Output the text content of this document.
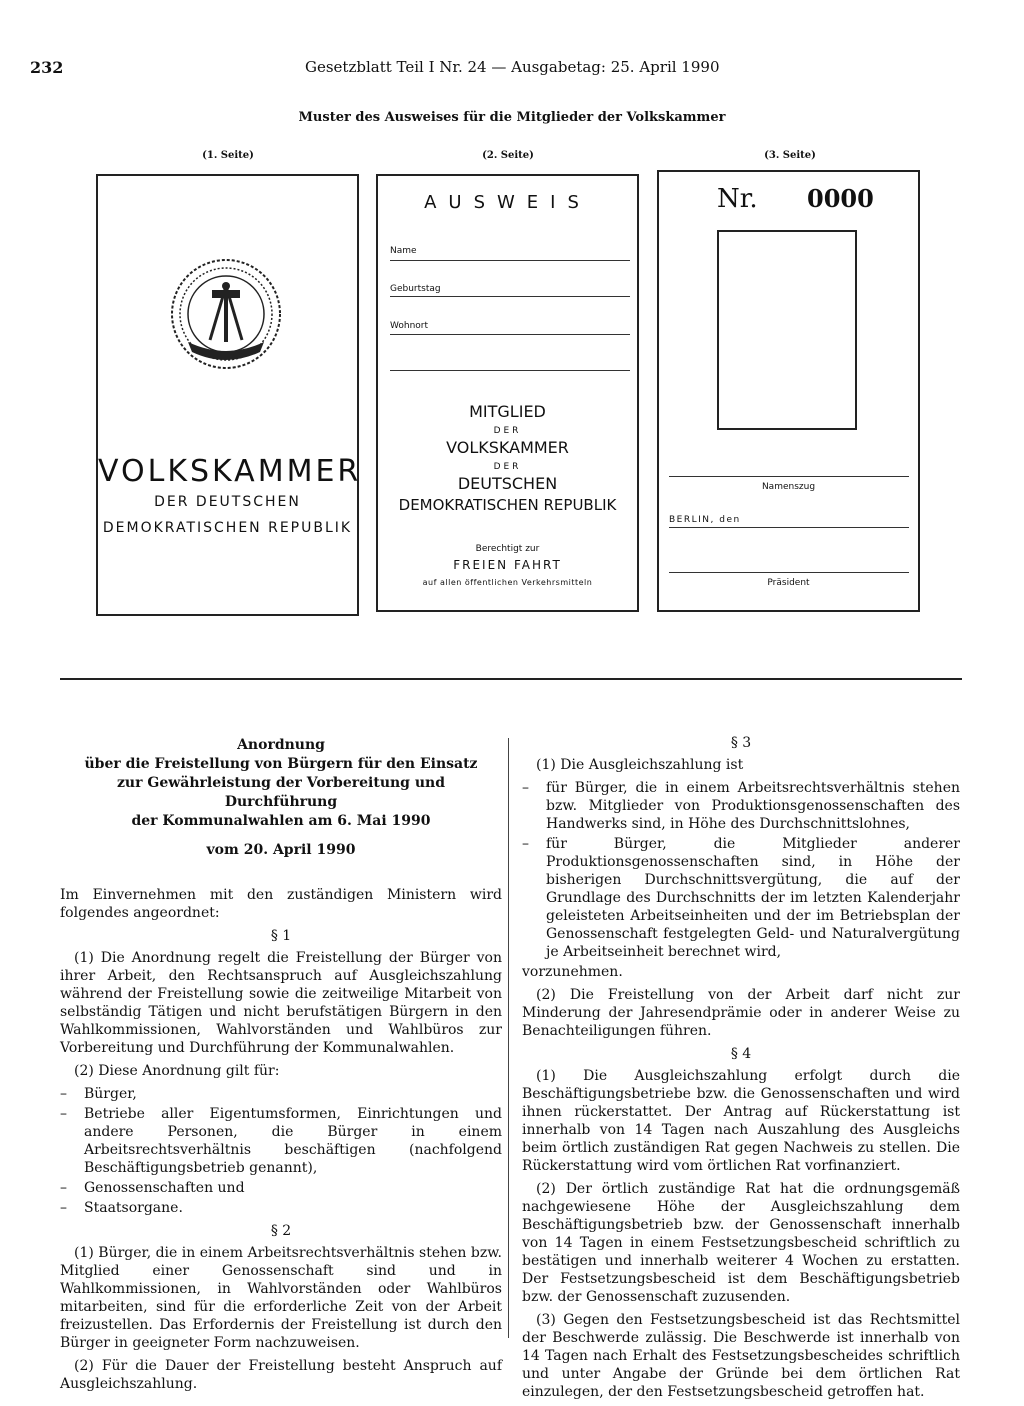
232	Gesetzblatt Teil I Nr. 24 — Ausgabetag: 25. April 1990
Muster des Ausweises für die Mitglieder der Volkskammer
(1. Seite)	(2. Seite)	(3. Seite)
VOLKSKAMMER
DER DEUTSCHEN
DEMOKRATISCHEN REPUBLIK
AUSWEIS
Name
Geburtstag
Wohnort
MITGLIED
DER
VOLKSKAMMER
DER
DEUTSCHEN
DEMOKRATISCHEN REPUBLIK
Berechtigt zur
FREIEN FAHRT
auf allen öffentlichen Verkehrsmitteln
Nr. 0000
Namenszug
BERLIN, den
Präsident
Anordnung
über die Freistellung von Bürgern für den Einsatz
zur Gewährleistung der Vorbereitung und Durchführung
der Kommunalwahlen am 6. Mai 1990
vom 20. April 1990

Im Einvernehmen mit den zuständigen Ministern wird folgendes angeordnet:

§ 1

(1) Die Anordnung regelt die Freistellung der Bürger von ihrer Arbeit, den Rechtsanspruch auf Ausgleichszahlung während der Freistellung sowie die zeitweilige Mitarbeit von selbständig Tätigen und nicht berufstätigen Bürgern in den Wahlkommissionen, Wahlvorständen und Wahlbüros zur Vorbereitung und Durchführung der Kommunalwahlen.

(2) Diese Anordnung gilt für:

– Bürger,
– Betriebe aller Eigentumsformen, Einrichtungen und andere Personen, die Bürger in einem Arbeitsrechtsverhältnis beschäftigen (nachfolgend Beschäftigungsbetrieb genannt),
– Genossenschaften und
– Staatsorgane.
§ 2

(1) Bürger, die in einem Arbeitsrechtsverhältnis stehen bzw. Mitglied einer Genossenschaft sind und in Wahlkommissionen, in Wahlvorständen oder Wahlbüros mitarbeiten, sind für die erforderliche Zeit von der Arbeit freizustellen. Das Erfordernis der Freistellung ist durch den Bürger in geeigneter Form nachzuweisen.

(2) Für die Dauer der Freistellung besteht Anspruch auf Ausgleichszahlung.

§ 3

(1) Die Ausgleichszahlung ist

– für Bürger, die in einem Arbeitsrechtsverhältnis stehen bzw. Mitglieder von Produktionsgenossenschaften des Handwerks sind, in Höhe des Durchschnittslohnes,
– für Bürger, die Mitglieder anderer Produktionsgenossenschaften sind, in Höhe der bisherigen Durchschnittsvergütung, die auf der Grundlage des Durchschnitts der im letzten Kalenderjahr geleisteten Arbeitseinheiten und der im Betriebsplan der Genossenschaft festgelegten Geld- und Naturalvergütung je Arbeitseinheit berechnet wird,

vorzunehmen.

(2) Die Freistellung von der Arbeit darf nicht zur Minderung der Jahresendprämie oder in anderer Weise zu Benachteiligungen führen.

§ 4

(1) Die Ausgleichszahlung erfolgt durch die Beschäftigungsbetriebe bzw. die Genossenschaften und wird ihnen rückerstattet. Der Antrag auf Rückerstattung ist innerhalb von 14 Tagen nach Auszahlung des Ausgleichs beim örtlich zuständigen Rat gegen Nachweis zu stellen. Die Rückerstattung wird vom örtlichen Rat vorfinanziert.

(2) Der örtlich zuständige Rat hat die ordnungsgemäß nachgewiesene Höhe der Ausgleichszahlung dem Beschäftigungsbetrieb bzw. der Genossenschaft innerhalb von 14 Tagen in einem Festsetzungsbescheid schriftlich zu bestätigen und innerhalb weiterer 4 Wochen zu erstatten. Der Festsetzungsbescheid ist dem Beschäftigungsbetrieb bzw. der Genossenschaft zuzusenden.

(3) Gegen den Festsetzungsbescheid ist das Rechtsmittel der Beschwerde zulässig. Die Beschwerde ist innerhalb von 14 Tagen nach Erhalt des Festsetzungsbescheides schriftlich und unter Angabe der Gründe bei dem örtlichen Rat einzulegen, der den Festsetzungsbescheid getroffen hat.
